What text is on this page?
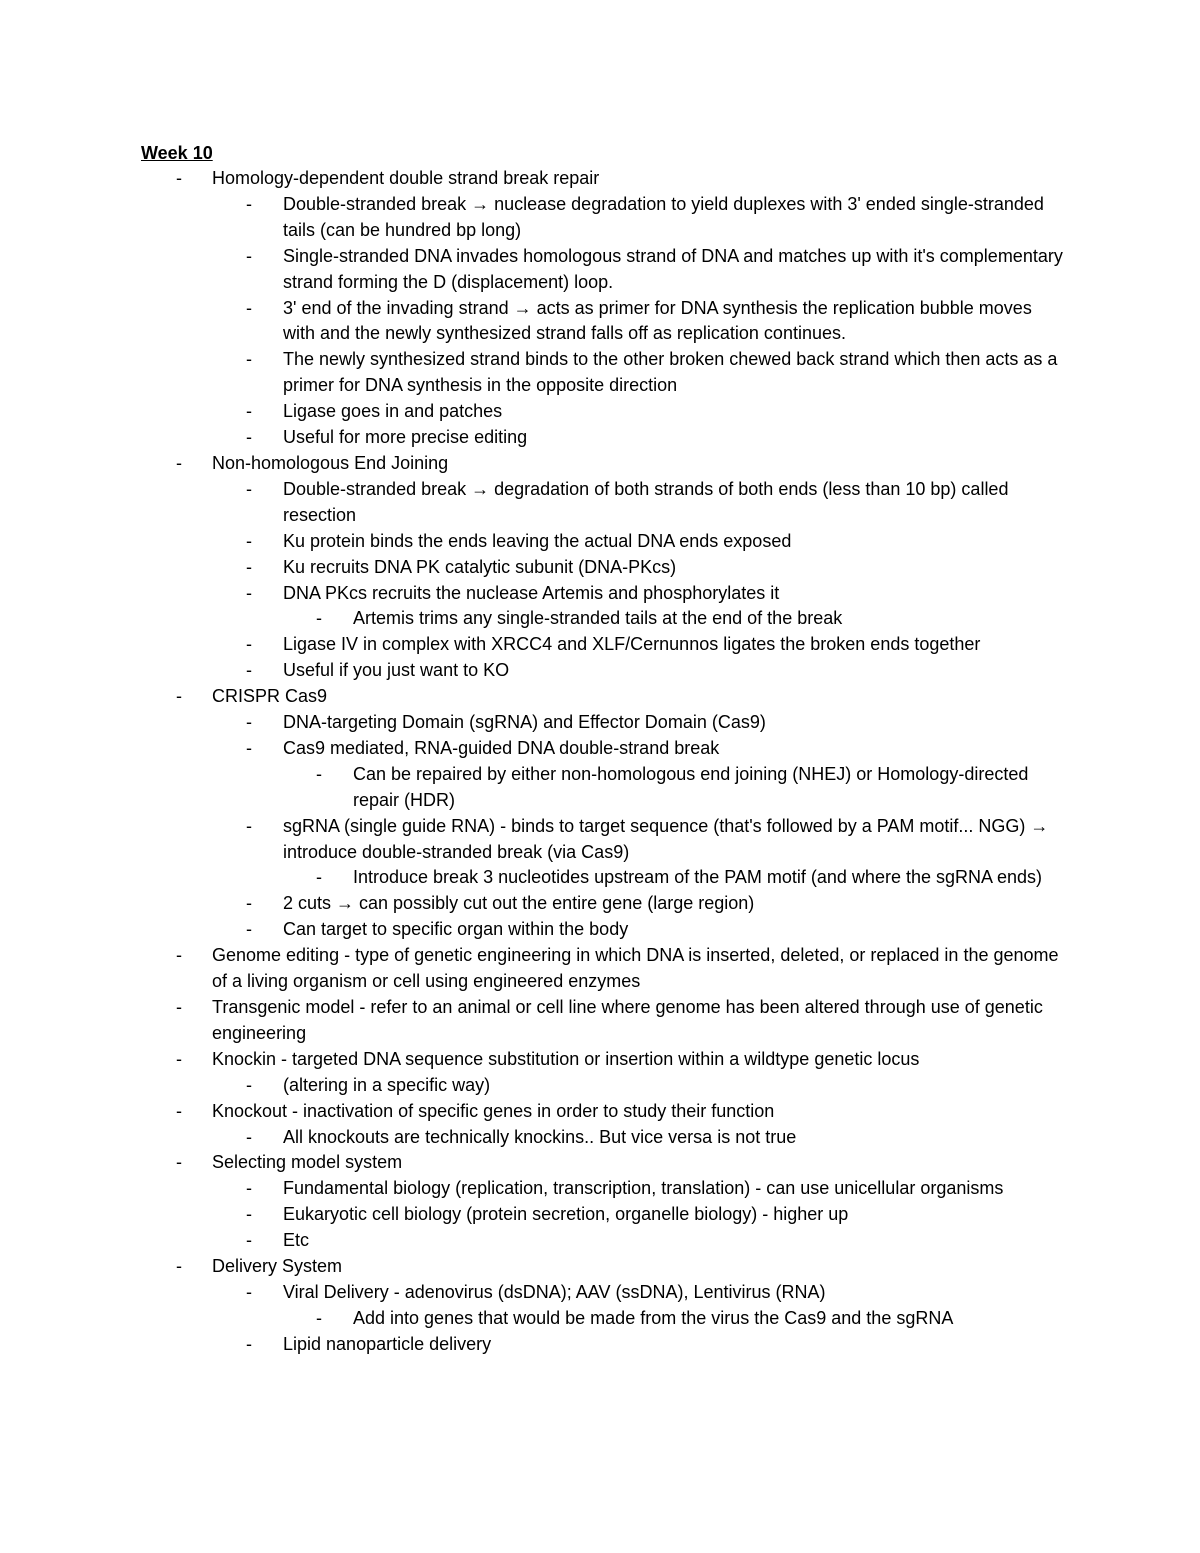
Week 10
- Homology-dependent double strand break repair
- Double-stranded break → nuclease degradation to yield duplexes with 3' ended single-stranded tails (can be hundred bp long)
- Single-stranded DNA invades homologous strand of DNA and matches up with it's complementary strand forming the D (displacement) loop.
- 3' end of the invading strand → acts as primer for DNA synthesis the replication bubble moves with and the newly synthesized strand falls off as replication continues.
- The newly synthesized strand binds to the other broken chewed back strand which then acts as a primer for DNA synthesis in the opposite direction
- Ligase goes in and patches
- Useful for more precise editing
- Non-homologous End Joining
- Double-stranded break → degradation of both strands of both ends (less than 10 bp) called resection
- Ku protein binds the ends leaving the actual DNA ends exposed
- Ku recruits DNA PK catalytic subunit (DNA-PKcs)
- DNA PKcs recruits the nuclease Artemis and phosphorylates it
- Artemis trims any single-stranded tails at the end of the break
- Ligase IV in complex with XRCC4 and XLF/Cernunnos ligates the broken ends together
- Useful if you just want to KO
- CRISPR Cas9
- DNA-targeting Domain (sgRNA) and Effector Domain (Cas9)
- Cas9 mediated, RNA-guided DNA double-strand break
- Can be repaired by either non-homologous end joining (NHEJ) or Homology-directed repair (HDR)
- sgRNA (single guide RNA) - binds to target sequence (that's followed by a PAM motif... NGG) → introduce double-stranded break (via Cas9)
- Introduce break 3 nucleotides upstream of the PAM motif (and where the sgRNA ends)
- 2 cuts → can possibly cut out the entire gene (large region)
- Can target to specific organ within the body
- Genome editing - type of genetic engineering in which DNA is inserted, deleted, or replaced in the genome of a living organism or cell using engineered enzymes
- Transgenic model - refer to an animal or cell line where genome has been altered through use of genetic engineering
- Knockin - targeted DNA sequence substitution or insertion within a wildtype genetic locus
- (altering in a specific way)
- Knockout - inactivation of specific genes in order to study their function
- All knockouts are technically knockins.. But vice versa is not true
- Selecting model system
- Fundamental biology (replication, transcription, translation) - can use unicellular organisms
- Eukaryotic cell biology (protein secretion, organelle biology) - higher up
- Etc
- Delivery System
- Viral Delivery - adenovirus (dsDNA); AAV (ssDNA), Lentivirus (RNA)
- Add into genes that would be made from the virus the Cas9 and the sgRNA
- Lipid nanoparticle delivery
